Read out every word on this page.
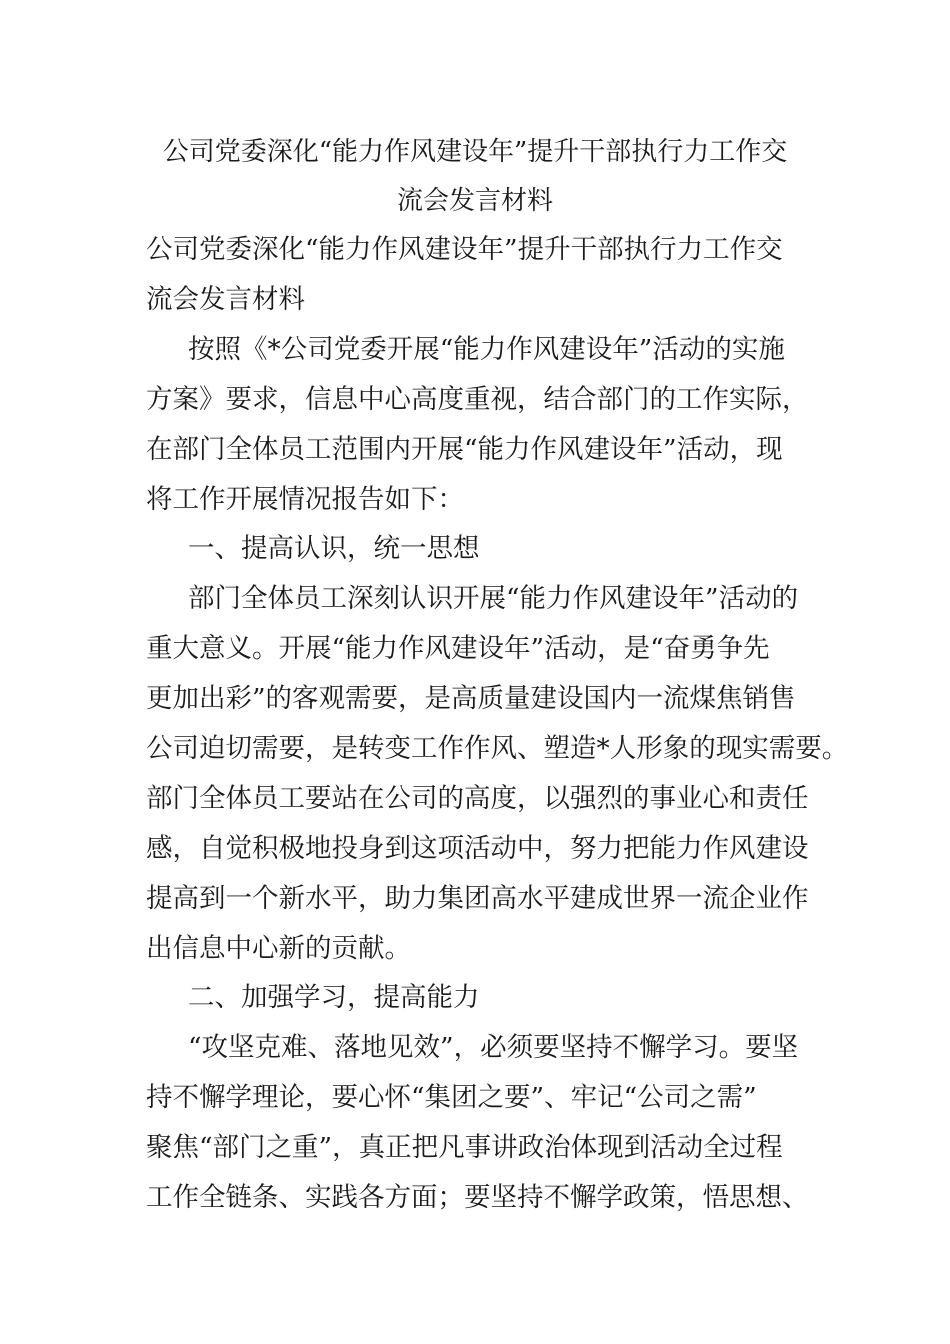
公司党委深化“能力作风建设年”提升干部执行力工作交
流会发言材料
公司党委深化“能力作风建设年”提升干部执行力工作交
流会发言材料
按照《*公司党委开展“能力作风建设年”活动的实施
方案》要求，信息中心高度重视，结合部门的工作实际，
在部门全体员工范围内开展“能力作风建设年”活动，现
将工作开展情况报告如下：
一、提高认识，统一思想
部门全体员工深刻认识开展“能力作风建设年”活动的
重大意义。开展“能力作风建设年”活动，是“奋勇争先
更加出彩”的客观需要，是高质量建设国内一流煤焦销售
公司迫切需要，是转变工作作风、塑造*人形象的现实需要。
部门全体员工要站在公司的高度，以强烈的事业心和责任
感，自觉积极地投身到这项活动中，努力把能力作风建设
提高到一个新水平，助力集团高水平建成世界一流企业作
出信息中心新的贡献。
二、加强学习，提高能力
“攻坚克难、落地见效”，必须要坚持不懈学习。要坚
持不懈学理论，要心怀“集团之要”、牢记“公司之需”
聚焦“部门之重”，真正把凡事讲政治体现到活动全过程
工作全链条、实践各方面；要坚持不懈学政策，悟思想、
